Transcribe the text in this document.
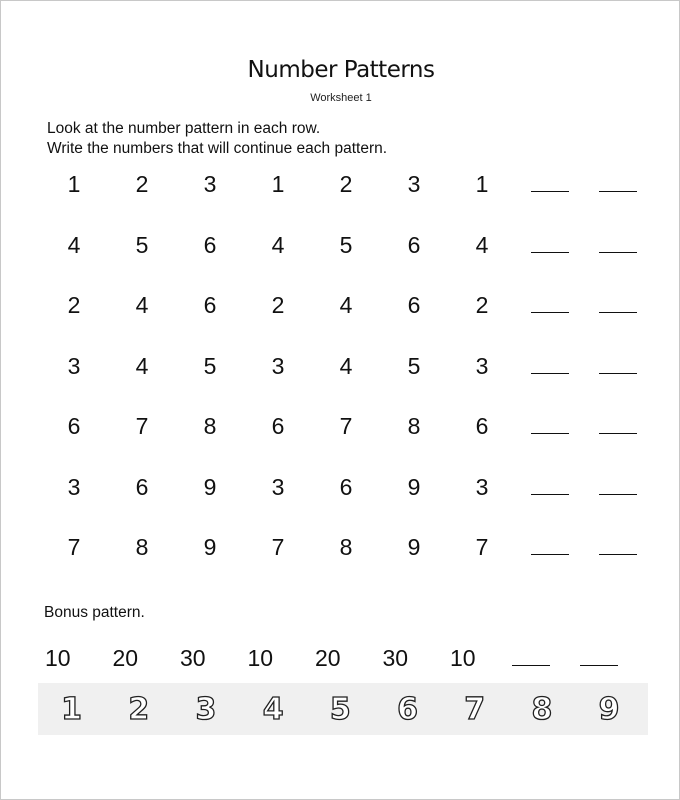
Number Patterns
Worksheet 1
Look at the number pattern in each row.
Write the numbers that will continue each pattern.
1	2	3	1	2	3	1
4	5	6	4	5	6	4
2	4	6	2	4	6	2
3	4	5	3	4	5	3
6	7	8	6	7	8	6
3	6	9	3	6	9	3
7	8	9	7	8	9	7
Bonus pattern.
10	20	30	10	20	30	10
1	2	3	4	5	6	7	8	9
